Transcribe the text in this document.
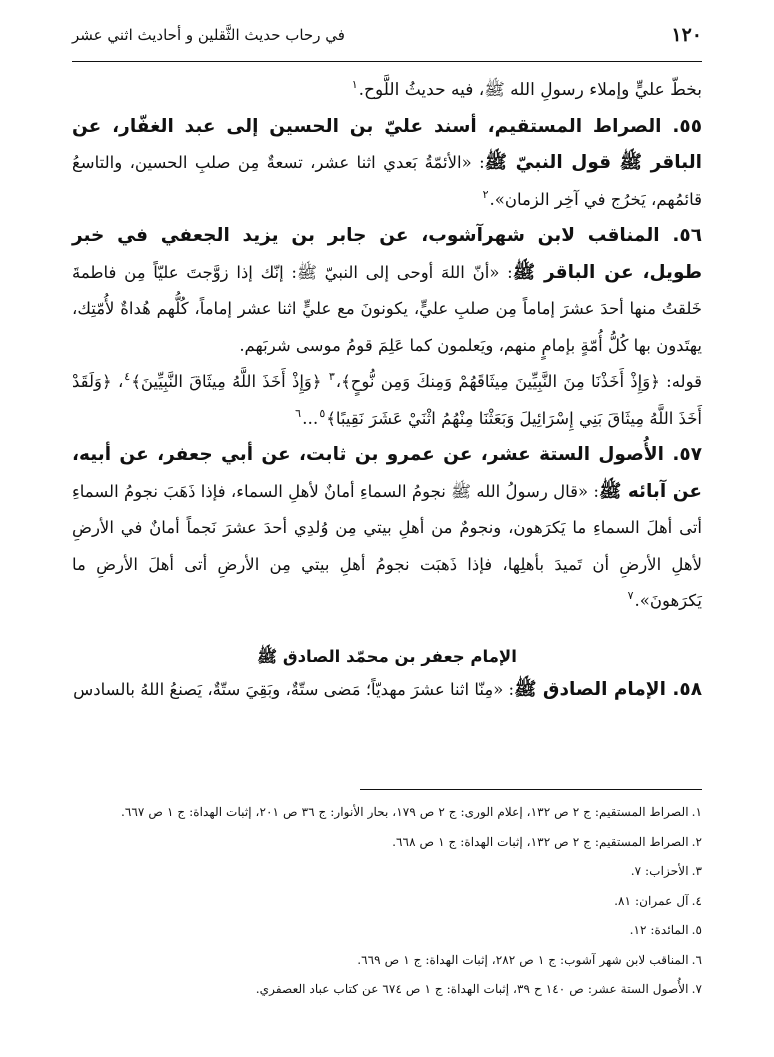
١٢٠
في رحاب حديث الثَّقلين و أحاديث اثني عشر

بخطّ عليٍّ وإملاء رسولِ الله ﷺ، فيه حديثُ اللَّوح.$^١$

٥٥. الصراط المستقيم، أسند عليّ بن الحسين إلى عبد الغفّار، عن الباقر ﷺ قول النبيّ ﷺ: «الأئمّةُ بَعدي اثنا عشر، تسعةٌ مِن صلبِ الحسين، والتاسعُ قائمُهم، يَخرُج في آخِر الزمان».$^٢$

٥٦. المناقب لابن شهرآشوب، عن جابر بن يزيد الجعفي في خبر طويل، عن الباقر ﷺ: «أنّ اللهَ أوحى إلى النبيّ ﷺ: إنّك إذا زوَّجتَ عليّاً مِن فاطمةَ خَلقتُ منها أحدَ عشرَ إماماً مِن صلبِ عليٍّ، يكونونَ مع عليٍّ اثنا عشر إماماً، كُلُّهم هُداةٌ لأُمّتِك، يهتَدون بها كُلُّ أُمّةٍ بإمامٍ منهم، ويَعلمون كما عَلِمَ قومُ موسى شربَهم.

قوله: ﴿وَإِذْ أَخَذْنَا مِنَ النَّبِيِّينَ مِيثَاقَهُمْ وَمِنكَ وَمِن نُّوحٍ﴾،$^٣$ ﴿وَإِذْ أَخَذَ اللَّهُ مِيثَاقَ النَّبِيِّينَ﴾$^٤$، ﴿وَلَقَدْ أَخَذَ اللَّهُ مِيثَاقَ بَنِي إِسْرَائِيلَ وَبَعَثْنَا مِنْهُمُ اثْنَيْ عَشَرَ نَقِيبًا﴾$^٥$...$^٦$

٥٧. الأُصول الستة عشر، عن عمرو بن ثابت، عن أبي جعفر، عن أبيه، عن آبائه ﷺ: «قال رسولُ الله ﷺ نجومُ السماءِ أمانٌ لأهلِ السماء، فإذا ذَهَبَ نجومُ السماءِ أتى أهلَ السماءِ ما يَكرَهون، ونجومٌ من أهلِ بيتي مِن وُلدِي أحدَ عشرَ نَجماً أمانٌ في الأرضِ لأهلِ الأرضِ أن تَميدَ بأهلِها، فإذا ذَهبَت نجومُ أهلِ بيتي مِن الأرضِ أتى أهلَ الأرضِ ما يَكرَهونَ».$^٧$

الإمام جعفر بن محمّد الصادق ﷺ

٥٨. الإمام الصادق ﷺ: «مِنّا اثنا عشرَ مهديّاً؛ مَضى ستّةٌ، وبَقِيَ ستّةٌ، يَصنعُ اللهُ بالسادس

١.الصراط المستقيم: ج ٢ ص ١٣٢، إعلام الورى: ج ٢ ص ١٧٩، بحار الأنوار: ج ٣٦ ص ٢٠١، إثبات الهداة: ج ١ ص ٦٦٧.

٢.الصراط المستقيم: ج ٢ ص ١٣٢، إثبات الهداة: ج ١ ص ٦٦٨.

٣.الأحزاب: ٧.

٤.آل عمران: ٨١.

٥.المائدة: ١٢.

٦.المناقب لابن شهر آشوب: ج ١ ص ٢٨٢، إثبات الهداة: ج ١ ص ٦٦٩.

٧.الأُصول الستة عشر: ص ١٤٠ ح ٣٩، إثبات الهداة: ج ١ ص ٦٧٤ عن كتاب عباد العصفري.
